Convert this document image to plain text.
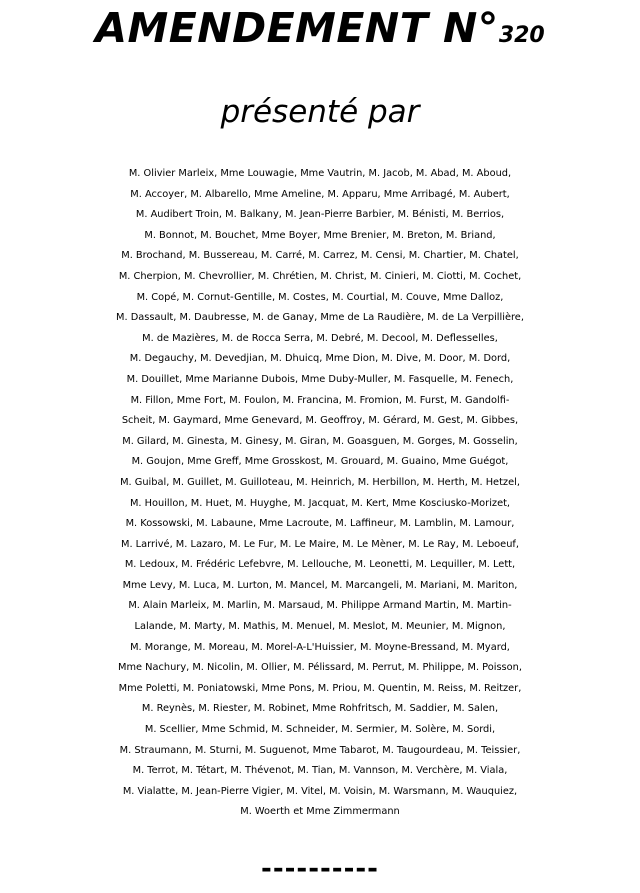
AMENDEMENT N°320
présenté par
M. Olivier Marleix, Mme Louwagie, Mme Vautrin, M. Jacob, M. Abad, M. Aboud,
M. Accoyer, M. Albarello, Mme Ameline, M. Apparu, Mme Arribagé, M. Aubert,
M. Audibert Troin, M. Balkany, M. Jean-Pierre Barbier, M. Bénisti, M. Berrios,
M. Bonnot, M. Bouchet, Mme Boyer, Mme Brenier, M. Breton, M. Briand,
M. Brochand, M. Bussereau, M. Carré, M. Carrez, M. Censi, M. Chartier, M. Chatel,
M. Cherpion, M. Chevrollier, M. Chrétien, M. Christ, M. Cinieri, M. Ciotti, M. Cochet,
M. Copé, M. Cornut-Gentille, M. Costes, M. Courtial, M. Couve, Mme Dalloz,
M. Dassault, M. Daubresse, M. de Ganay, Mme de La Raudière, M. de La Verpillière,
M. de Mazières, M. de Rocca Serra, M. Debré, M. Decool, M. Deflesselles,
M. Degauchy, M. Devedjian, M. Dhuicq, Mme Dion, M. Dive, M. Door, M. Dord,
M. Douillet, Mme Marianne Dubois, Mme Duby-Muller, M. Fasquelle, M. Fenech,
M. Fillon, Mme Fort, M. Foulon, M. Francina, M. Fromion, M. Furst, M. Gandolfi-
Scheit, M. Gaymard, Mme Genevard, M. Geoffroy, M. Gérard, M. Gest, M. Gibbes,
M. Gilard, M. Ginesta, M. Ginesy, M. Giran, M. Goasguen, M. Gorges, M. Gosselin,
M. Goujon, Mme Greff, Mme Grosskost, M. Grouard, M. Guaino, Mme Guégot,
M. Guibal, M. Guillet, M. Guilloteau, M. Heinrich, M. Herbillon, M. Herth, M. Hetzel,
M. Houillon, M. Huet, M. Huyghe, M. Jacquat, M. Kert, Mme Kosciusko-Morizet,
M. Kossowski, M. Labaune, Mme Lacroute, M. Laffineur, M. Lamblin, M. Lamour,
M. Larrivé, M. Lazaro, M. Le Fur, M. Le Maire, M. Le Mèner, M. Le Ray, M. Leboeuf,
M. Ledoux, M. Frédéric Lefebvre, M. Lellouche, M. Leonetti, M. Lequiller, M. Lett,
Mme Levy, M. Luca, M. Lurton, M. Mancel, M. Marcangeli, M. Mariani, M. Mariton,
M. Alain Marleix, M. Marlin, M. Marsaud, M. Philippe Armand Martin, M. Martin-
Lalande, M. Marty, M. Mathis, M. Menuel, M. Meslot, M. Meunier, M. Mignon,
M. Morange, M. Moreau, M. Morel-A-L'Huissier, M. Moyne-Bressand, M. Myard,
Mme Nachury, M. Nicolin, M. Ollier, M. Pélissard, M. Perrut, M. Philippe, M. Poisson,
Mme Poletti, M. Poniatowski, Mme Pons, M. Priou, M. Quentin, M. Reiss, M. Reitzer,
M. Reynès, M. Riester, M. Robinet, Mme Rohfritsch, M. Saddier, M. Salen,
M. Scellier, Mme Schmid, M. Schneider, M. Sermier, M. Solère, M. Sordi,
M. Straumann, M. Sturni, M. Suguenot, Mme Tabarot, M. Taugourdeau, M. Teissier,
M. Terrot, M. Tétart, M. Thévenot, M. Tian, M. Vannson, M. Verchère, M. Viala,
M. Vialatte, M. Jean-Pierre Vigier, M. Vitel, M. Voisin, M. Warsmann, M. Wauquiez,
M. Woerth et Mme Zimmermann
----------
